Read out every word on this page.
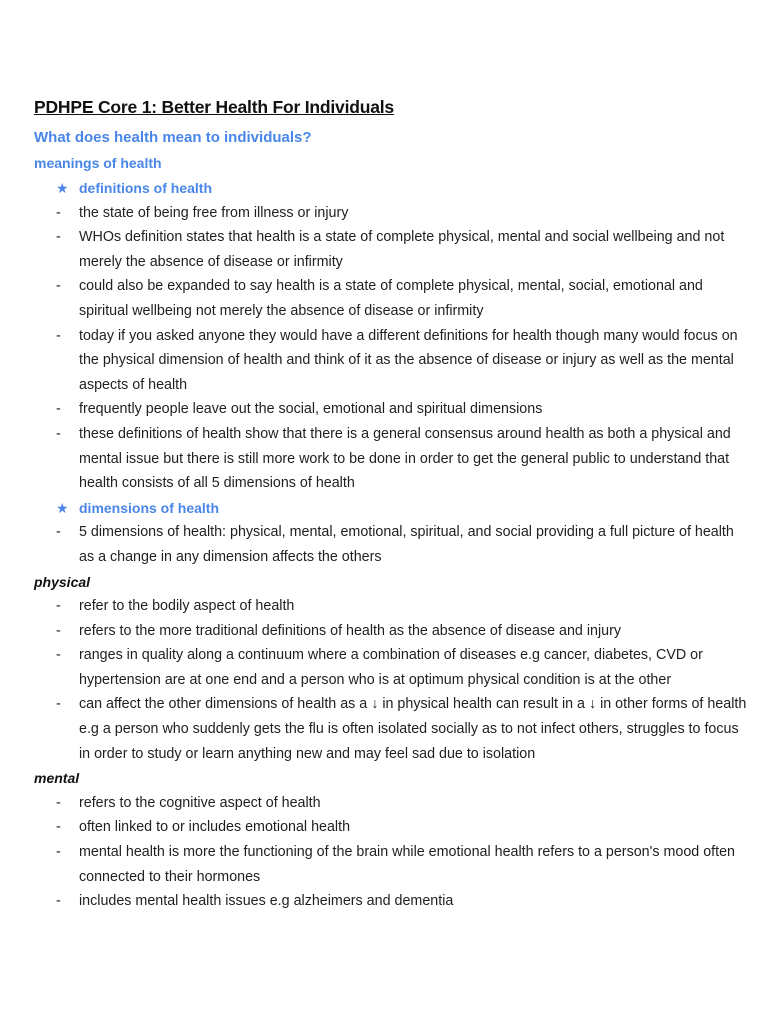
PDHPE Core 1: Better Health For Individuals
What does health mean to individuals?
meanings of health
★ definitions of health
-	the state of being free from illness or injury
-	WHOs definition states that health is a state of complete physical, mental and social wellbeing and not merely the absence of disease or infirmity
-	could also be expanded to say health is a state of complete physical, mental, social, emotional and spiritual wellbeing not merely the absence of disease or infirmity
-	today if you asked anyone they would have a different definitions for health though many would focus on the physical dimension of health and think of it as the absence of disease or injury as well as the mental aspects of health
-	frequently people leave out the social, emotional and spiritual dimensions
-	these definitions of health show that there is a general consensus around health as both a physical and mental issue but there is still more work to be done in order to get the general public to understand that health consists of all 5 dimensions of health
★ dimensions of health
-	5 dimensions of health: physical, mental, emotional, spiritual, and social providing a full picture of health as a change in any dimension affects the others
physical
-	refer to the bodily aspect of health
-	refers to the more traditional definitions of health as the absence of disease and injury
-	ranges in quality along a continuum where a combination of diseases e.g cancer, diabetes, CVD or hypertension are at one end and a person who is at optimum physical condition is at the other
-	can affect the other dimensions of health as a ↓ in physical health can result in a ↓ in other forms of health e.g a person who suddenly gets the flu is often isolated socially as to not infect others, struggles to focus in order to study or learn anything new and may feel sad due to isolation
mental
-	refers to the cognitive aspect of health
-	often linked to or includes emotional health
-	mental health is more the functioning of the brain while emotional health refers to a person's mood often connected to their hormones
-	includes mental health issues e.g alzheimers and dementia
